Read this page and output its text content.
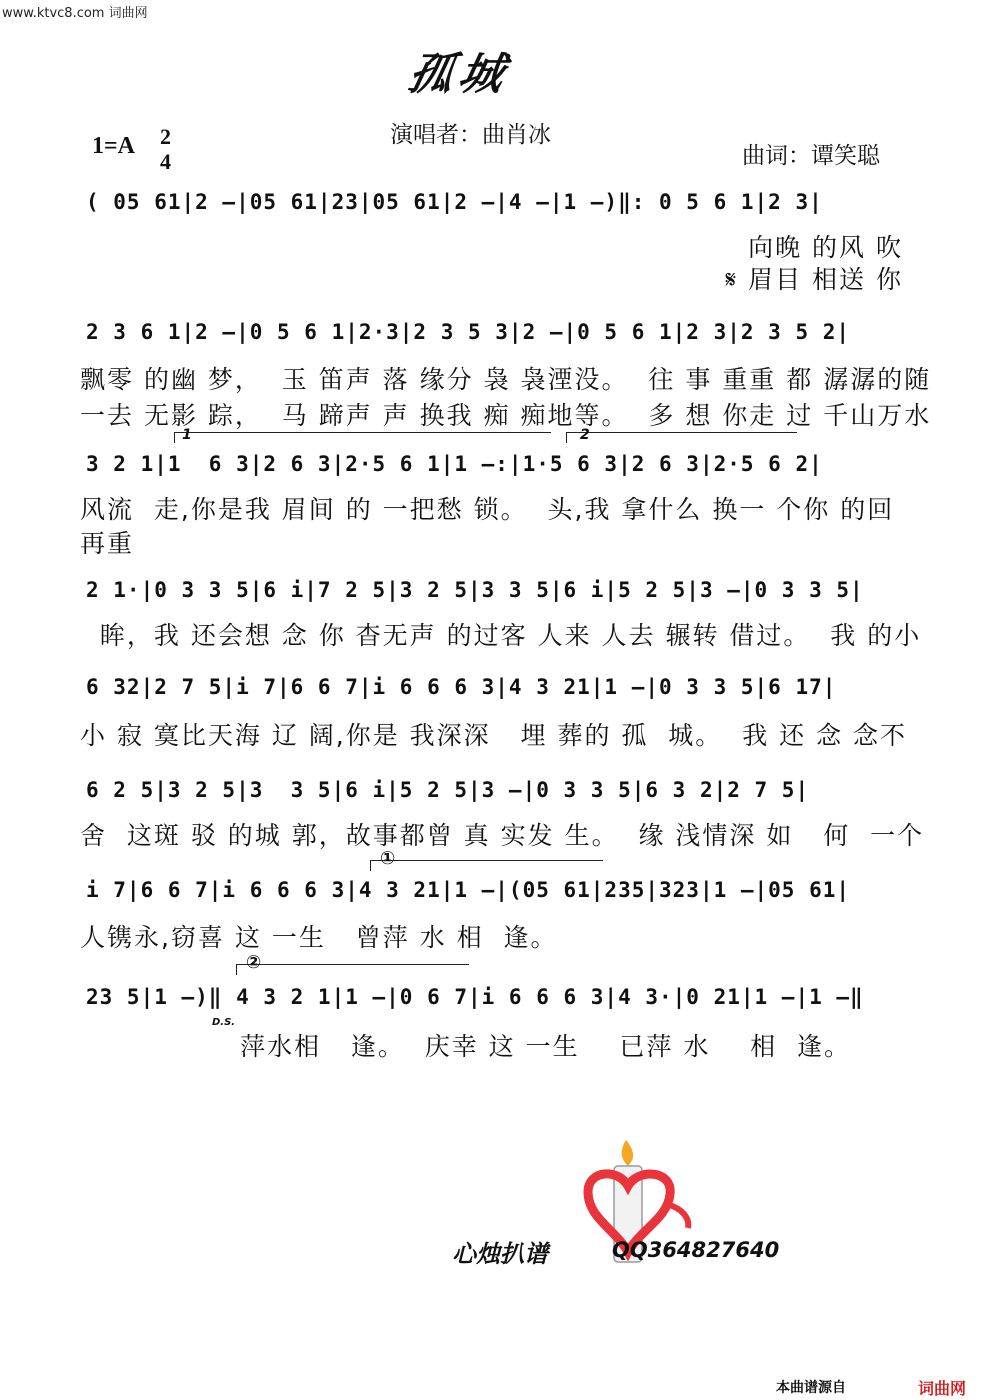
www.ktvc8.com 词曲网
孤城
演唱者：曲肖冰
1=A 2
4	曲词：谭笑聪
( 05 61|2 –|05 61|23|05 61|2 –|4 –|1 –)‖: 0 5 6 1|2 3|
向晚 的风 吹
𝄋 眉目 相送 你
2 3 6 1|2 –|0 5 6 1|2·3|2 3 5 3|2 –|0 5 6 1|2 3|2 3 5 2|
飘零 的幽 梦，  玉 笛声 落 缘分 袅 袅湮没。  往 事 重重 都 潺潺的随
一去 无影 踪，  马 蹄声 声 换我 痴 痴地等。  多 想 你走 过 千山万水
1	2
3 2 1|1  6 3|2 6 3|2·5 6 1|1 –:|1·5 6 3|2 6 3|2·5 6 2|
风流  走,你是我 眉间 的 一把愁 锁。  头,我 拿什么 换一 个你 的回
再重
2 1·|0 3 3 5|6 i|7 2 5|3 2 5|3 3 5|6 i|5 2 5|3 –|0 3 3 5|
眸，我 还会想 念 你 杳无声 的过客 人来 人去 辗转 借过。  我 的小
6 32|2 7 5|i 7|6 6 7|i 6 6 6 3|4 3 21|1 –|0 3 3 5|6 17|
小 寂 寞比天海 辽 阔,你是 我深深   埋 葬的 孤  城。  我 还 念 念不
6 2 5|3 2 5|3  3 5|6 i|5 2 5|3 –|0 3 3 5|6 3 2|2 7 5|
舍  这斑 驳 的城 郭，故事都曾 真 实发 生。  缘 浅情深 如   何  一个
①
i 7|6 6 7|i 6 6 6 3|4 3 21|1 –|(05 61|235|323|1 –|05 61|
人镌永,窃喜 这 一生   曾萍 水 相  逢。
②
23 5|1 –)‖ 4 3 2 1|1 –|0 6 7|i 6 6 6 3|4 3·|0 21|1 –|1 –‖
D.S.
萍水相   逢。  庆幸 这 一生    已萍 水    相  逢。
心烛扒谱	QQ364827640
本曲谱源自	词曲网
